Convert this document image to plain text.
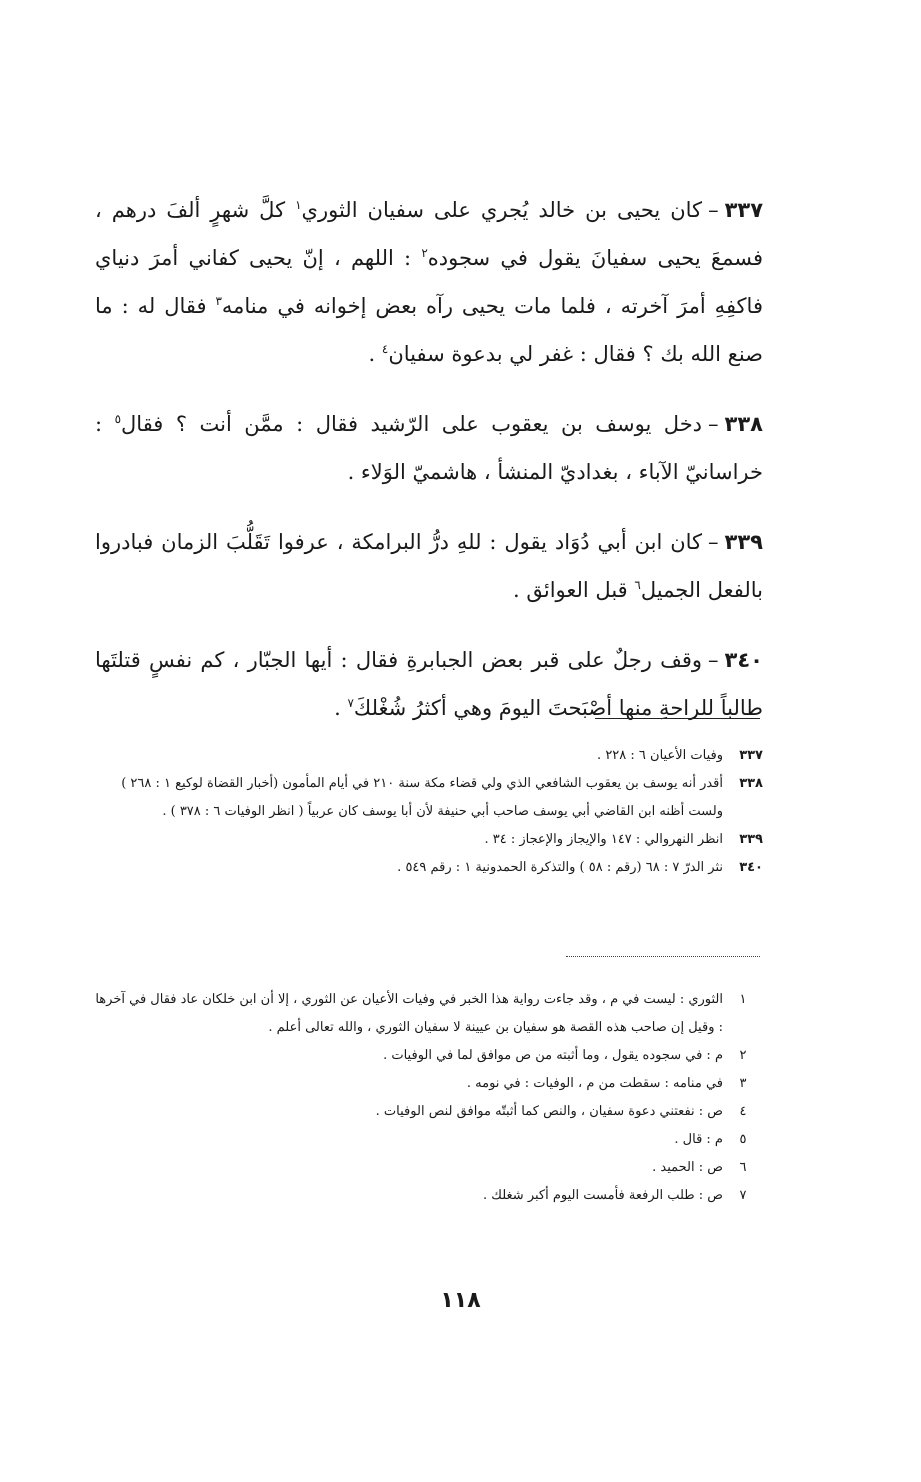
٣٣٧–كان يحيى بن خالد يُجري على سفيان الثوري$^١$ كلَّ شهرٍ ألفَ درهم ، فسمعَ يحيى سفيانَ يقول في سجوده$^٢$ : اللهم ، إنّ يحيى كفاني أمرَ دنياي فاكفِهِ أمرَ آخرته ، فلما مات يحيى رآه بعض إخوانه في منامه$^٣$ فقال له : ما صنع الله بك ؟ فقال : غفر لي بدعوة سفيان$^٤$ .

٣٣٨–دخل يوسف بن يعقوب على الرّشيد فقال : ممَّن أنت ؟ فقال$^٥$ : خراسانيّ الآباء ، بغداديّ المنشأ ، هاشميّ الوَلاء .

٣٣٩–كان ابن أبي دُوَاد يقول : للهِ درُّ البرامكة ، عرفوا تَقَلُّبَ الزمان فبادروا بالفعل الجميل$^٦$ قبل العوائق .

٣٤٠–وقف رجلٌ على قبر بعض الجبابرةِ فقال : أيها الجبّار ، كم نفسٍ قتلتَها طالباً للراحةِ منها أصْبَحتَ اليومَ وهي أكثرُ شُغْلكَ$^٧$ .

٣٣٧
وفيات الأعيان ٦ : ٢٢٨ .
٣٣٨
أقدر أنه يوسف بن يعقوب الشافعي الذي ولي قضاء مكة سنة ٢١٠ في أيام المأمون (أخبار القضاة لوكيع ١ : ٢٦٨ ) ولست أظنه ابن القاضي أبي يوسف صاحب أبي حنيفة لأن أبا يوسف كان عربياً ( انظر الوفيات ٦ : ٣٧٨ ) .
٣٣٩
انظر النهروالي : ١٤٧ والإيجاز والإعجاز : ٣٤ .
٣٤٠
نثر الدرّ ٧ : ٦٨ (رقم : ٥٨ ) والتذكرة الحمدونية ١ : رقم ٥٤٩ .
١
الثوري : ليست في م ، وقد جاءت رواية هذا الخبر في وفيات الأعيان عن الثوري ، إلا أن ابن خلكان عاد فقال في آخرها : وقيل إن صاحب هذه القصة هو سفيان بن عيينة لا سفيان الثوري ، والله تعالى أعلم .
٢
م : في سجوده يقول ، وما أثبته من ص موافق لما في الوفيات .
٣
في منامه : سقطت من م ، الوفيات : في نومه .
٤
ص : نفعتني دعوة سفيان ، والنص كما أثبتّه موافق لنص الوفيات .
٥
م : قال .
٦
ص : الحميد .
٧
ص : طلب الرفعة فأمست اليوم أكبر شغلك .
١١٨
